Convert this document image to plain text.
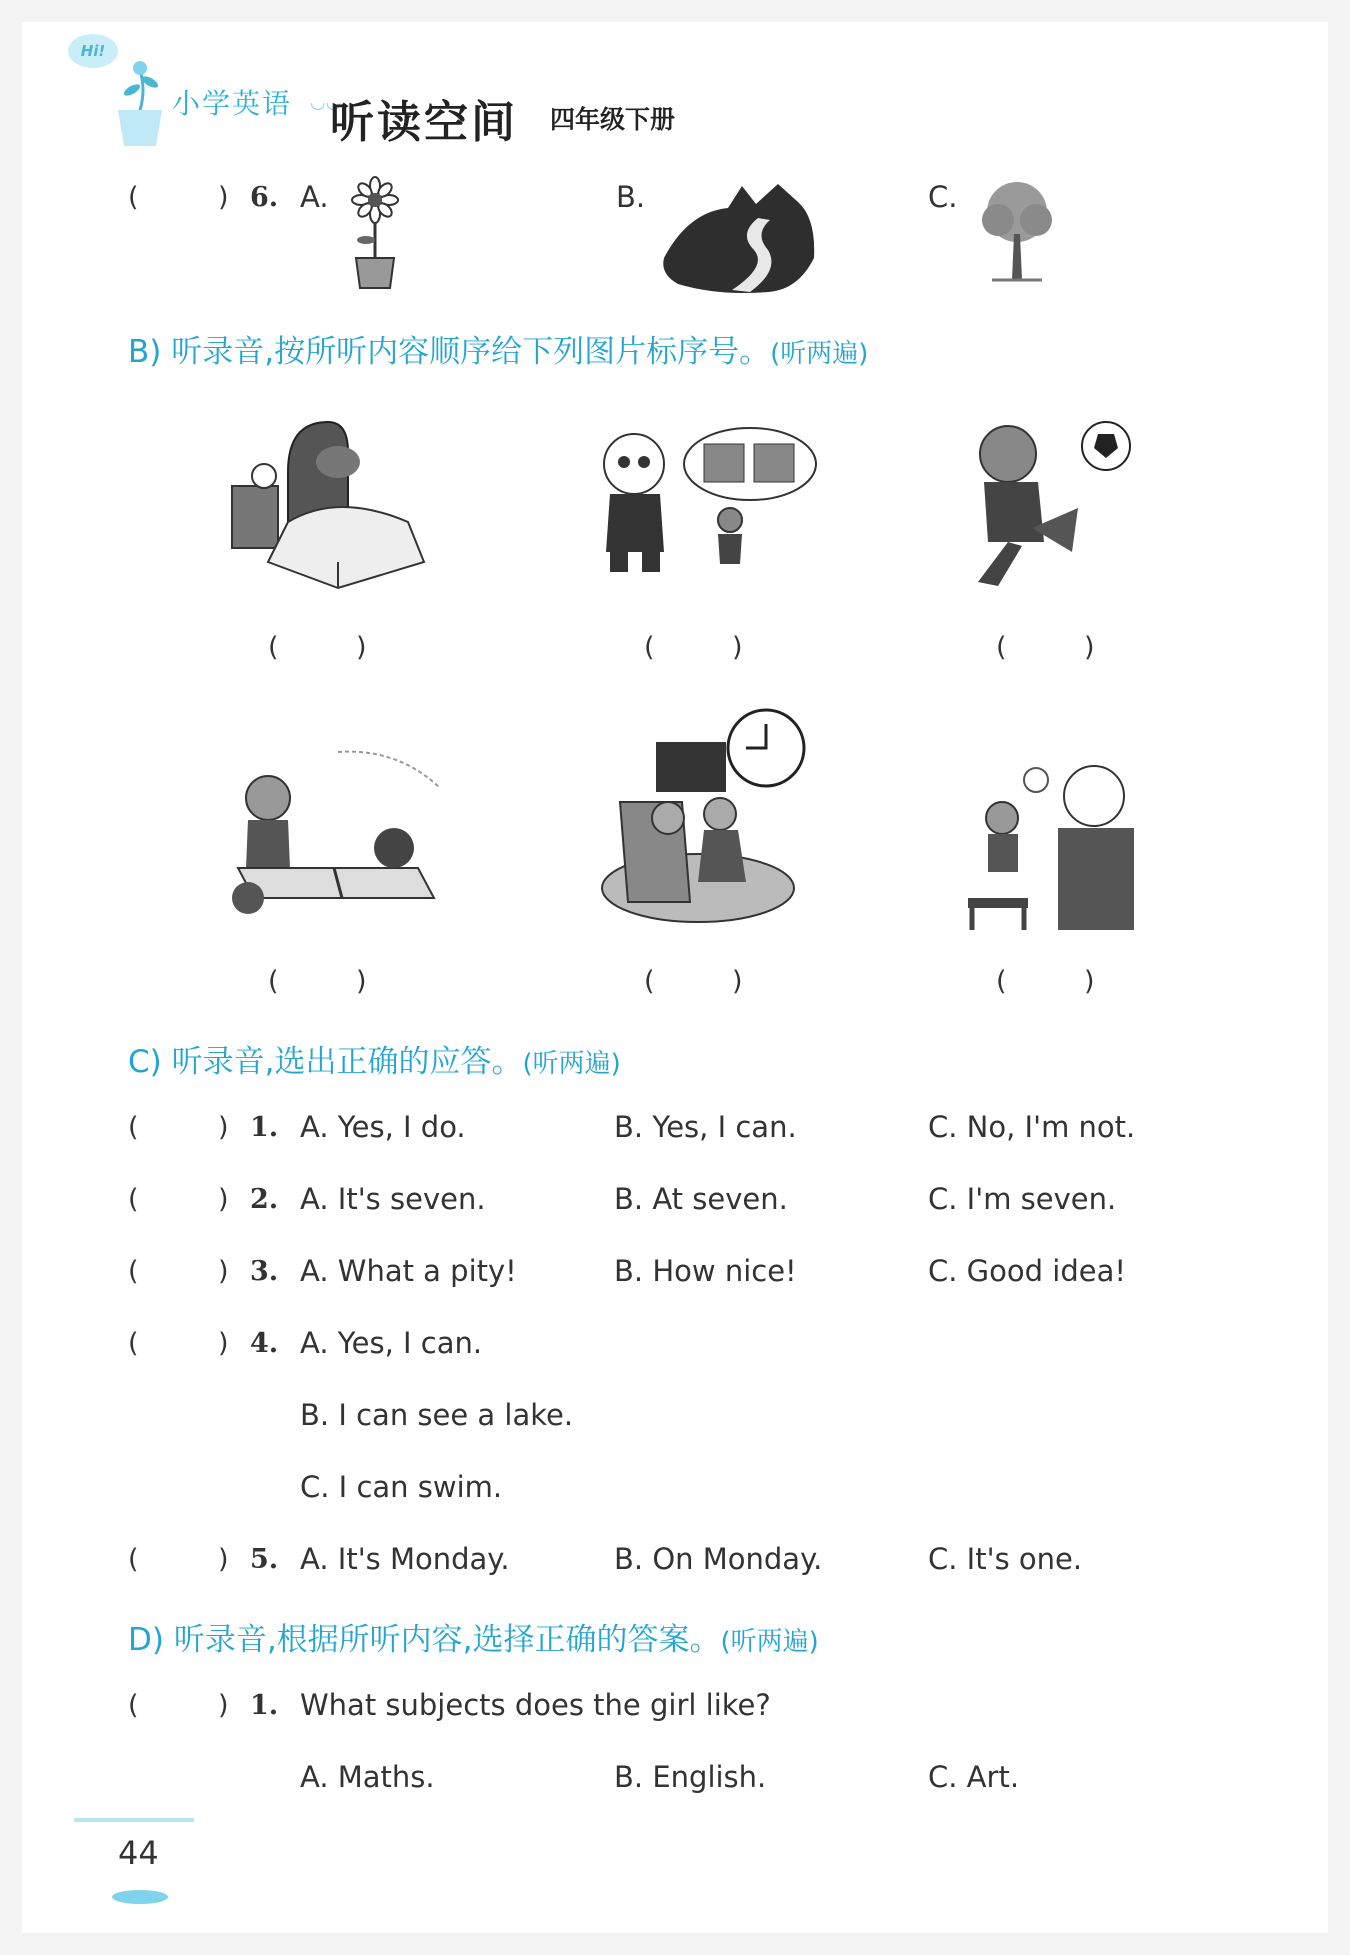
Hi!
小学英语 ◡◡
听读空间 四年级下册
(	) 6. A.	B.	C.
B) 听录音,按所听内容顺序给下列图片标序号。(听两遍)
(	)	(	)	(	)
(	)	(	)	(	)
C) 听录音,选出正确的应答。(听两遍)
(	) 1. A. Yes, I do.	B. Yes, I can.	C. No, I'm not.
(	) 2. A. It's seven.	B. At seven.	C. I'm seven.
(	) 3. A. What a pity!	B. How nice!	C. Good idea!
(	) 4. A. Yes, I can.
B. I can see a lake.
C. I can swim.
(	) 5. A. It's Monday.	B. On Monday.	C. It's one.
D) 听录音,根据所听内容,选择正确的答案。(听两遍)
(	) 1. What subjects does the girl like?
A. Maths.	B. English.	C. Art.
44
